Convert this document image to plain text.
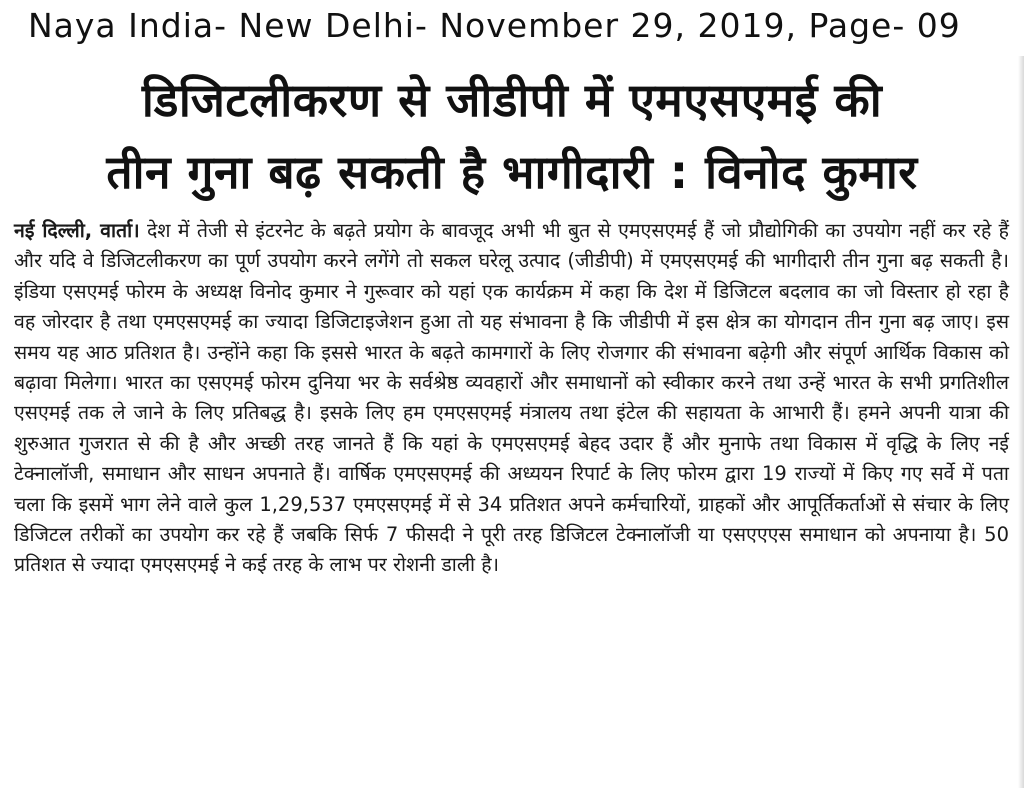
Naya India- New Delhi- November 29, 2019, Page- 09
डिजिटलीकरण से जीडीपी में एमएसएमई की
तीन गुना बढ़ सकती है भागीदारी : विनोद कुमार

नई दिल्ली, वार्ता। देश में तेजी से इंटरनेट के बढ़ते प्रयोग के बावजूद अभी भी बुत से एमएसएमई हैं जो प्रौद्योगिकी का उपयोग नहीं कर रहे हैं और यदि वे डिजिटलीकरण का पूर्ण उपयोग करने लगेंगे तो सकल घरेलू उत्पाद (जीडीपी) में एमएसएमई की भागीदारी तीन गुना बढ़ सकती है। इंडिया एसएमई फोरम के अध्यक्ष विनोद कुमार ने गुरूवार को यहां एक कार्यक्रम में कहा कि देश में डिजिटल बदलाव का जो विस्तार हो रहा है वह जोरदार है तथा एमएसएमई का ज्यादा डिजिटाइजेशन हुआ तो यह संभावना है कि जीडीपी में इस क्षेत्र का योगदान तीन गुना बढ़ जाए। इस समय यह आठ प्रतिशत है। उन्होंने कहा कि इससे भारत के बढ़ते कामगारों के लिए रोजगार की संभावना बढ़ेगी और संपूर्ण आर्थिक विकास को बढ़ावा मिलेगा। भारत का एसएमई फोरम दुनिया भर के सर्वश्रेष्ठ व्यवहारों और समाधानों को स्वीकार करने तथा उन्हें भारत के सभी प्रगतिशील एसएमई तक ले जाने के लिए प्रतिबद्ध है। इसके लिए हम एमएसएमई मंत्रालय तथा इंटेल की सहायता के आभारी हैं। हमने अपनी यात्रा की शुरुआत गुजरात से की है और अच्छी तरह जानते हैं कि यहां के एमएसएमई बेहद उदार हैं और मुनाफे तथा विकास में वृद्धि के लिए नई टेक्नालॉजी, समाधान और साधन अपनाते हैं। वार्षिक एमएसएमई की अध्ययन रिपार्ट के लिए फोरम द्वारा 19 राज्यों में किए गए सर्वे में पता चला कि इसमें भाग लेने वाले कुल 1,29,537 एमएसएमई में से 34 प्रतिशत अपने कर्मचारियों, ग्राहकों और आपूर्तिकर्ताओं से संचार के लिए डिजिटल तरीकों का उपयोग कर रहे हैं जबकि सिर्फ 7 फीसदी ने पूरी तरह डिजिटल टेक्नालॉजी या एसएएएस समाधान को अपनाया है। 50 प्रतिशत से ज्यादा एमएसएमई ने कई तरह के लाभ पर रोशनी डाली है।
